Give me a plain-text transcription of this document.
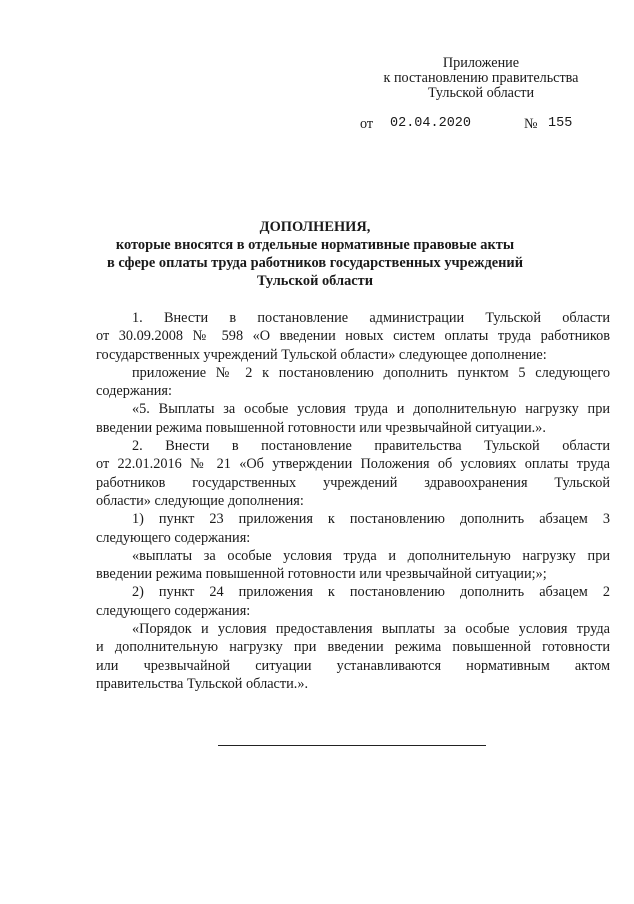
Приложение
к постановлению правительства
Тульской области
от 02.04.2020	№ 155
ДОПОЛНЕНИЯ,
которые вносятся в отдельные нормативные правовые акты
в сфере оплаты труда работников государственных учреждений
Тульской области
1. Внести в постановление администрации Тульской области
от 30.09.2008 № 598 «О введении новых систем оплаты труда работников
государственных учреждений Тульской области» следующее дополнение:
приложение № 2 к постановлению дополнить пунктом 5 следующего
содержания:
«5. Выплаты за особые условия труда и дополнительную нагрузку при
введении режима повышенной готовности или чрезвычайной ситуации.».
2. Внести в постановление правительства Тульской области
от 22.01.2016 № 21 «Об утверждении Положения об условиях оплаты труда
работников государственных учреждений здравоохранения Тульской
области» следующие дополнения:
1) пункт 23 приложения к постановлению дополнить абзацем 3
следующего содержания:
«выплаты за особые условия труда и дополнительную нагрузку при
введении режима повышенной готовности или чрезвычайной ситуации;»;
2) пункт 24 приложения к постановлению дополнить абзацем 2
следующего содержания:
«Порядок и условия предоставления выплаты за особые условия труда
и дополнительную нагрузку при введении режима повышенной готовности
или чрезвычайной ситуации устанавливаются нормативным актом
правительства Тульской области.».
